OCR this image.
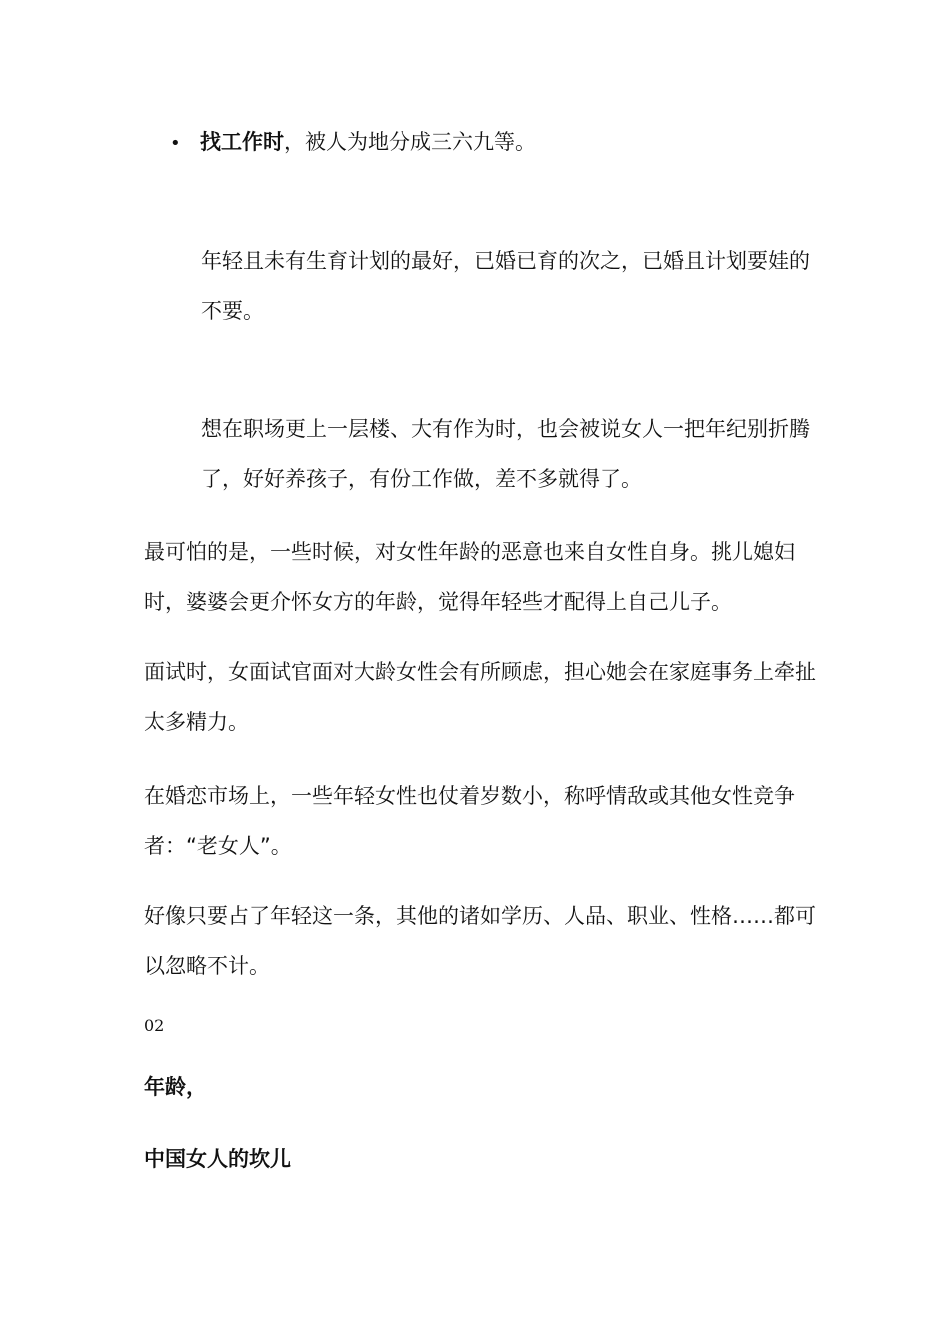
• 找工作时，被人为地分成三六九等。
年轻且未有生育计划的最好，已婚已育的次之，已婚且计划要娃的不要。
想在职场更上一层楼、大有作为时，也会被说女人一把年纪别折腾了，好好养孩子，有份工作做，差不多就得了。
最可怕的是，一些时候，对女性年龄的恶意也来自女性自身。挑儿媳妇时，婆婆会更介怀女方的年龄，觉得年轻些才配得上自己儿子。
面试时，女面试官面对大龄女性会有所顾虑，担心她会在家庭事务上牵扯太多精力。
在婚恋市场上，一些年轻女性也仗着岁数小，称呼情敌或其他女性竞争者：“老女人”。
好像只要占了年轻这一条，其他的诸如学历、人品、职业、性格……都可以忽略不计。
02
年龄，
中国女人的坎儿
